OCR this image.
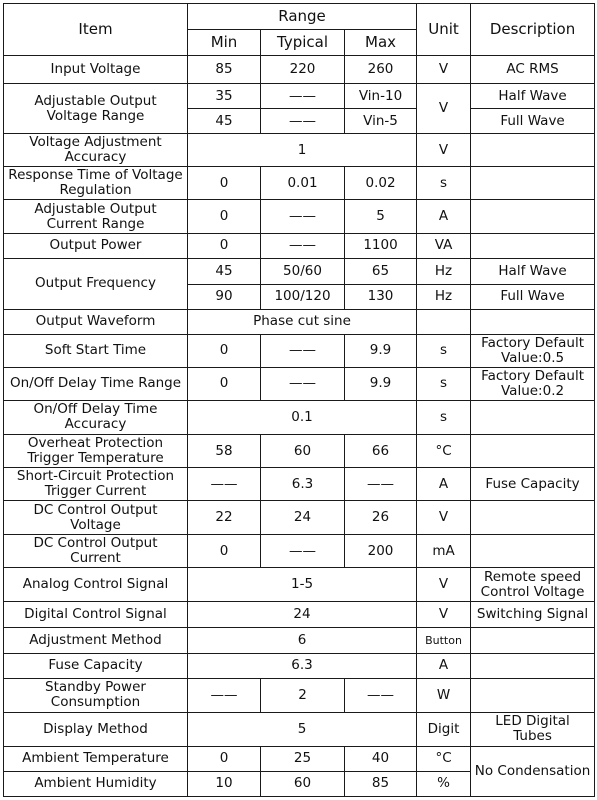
Item	Range			Unit	Description
	Min	Typical	Max		
Input Voltage	85	220	260	V	AC RMS
Adjustable Output Voltage Range	35	——	Vin-10	V	Half Wave
	45	——	Vin-5		Full Wave
Voltage Adjustment Accuracy	1			V	
Response Time of Voltage Regulation	0	0.01	0.02	s	
Adjustable Output Current Range	0	——	5	A	
Output Power	0	——	1100	VA	
Output Frequency	45	50/60	65	Hz	Half Wave
	90	100/120	130	Hz	Full Wave
Output Waveform	Phase cut sine				
Soft Start Time	0	——	9.9	s	Factory Default Value:0.5
On/Off Delay Time Range	0	——	9.9	s	Factory Default Value:0.2
On/Off Delay Time Accuracy	0.1			s	
Overheat Protection Trigger Temperature	58	60	66	°C	
Short-Circuit Protection Trigger Current	——	6.3	——	A	Fuse Capacity
DC Control Output Voltage	22	24	26	V	
DC Control Output Current	0	——	200	mA	
Analog Control Signal	1-5			V	Remote speed Control Voltage
Digital Control Signal	24			V	Switching Signal
Adjustment Method	6			Button	
Fuse Capacity	6.3			A	
Standby Power Consumption	——	2	——	W	
Display Method	5			Digit	LED Digital Tubes
Ambient Temperature	0	25	40	°C	No Condensation
Ambient Humidity	10	60	85	%	
